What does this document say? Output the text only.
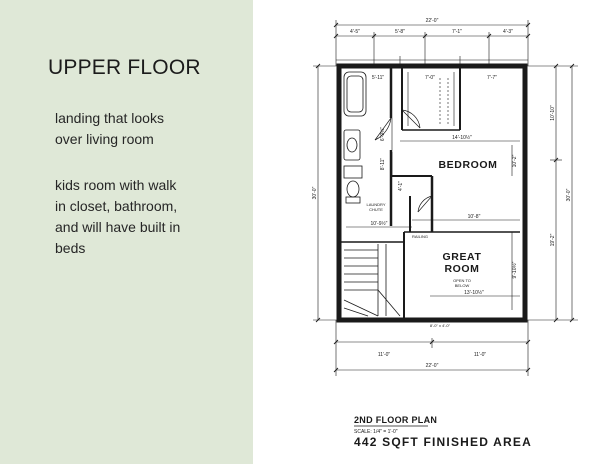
UPPER FLOOR

landing that looks
over living room

kids room with walk
in closet, bathroom,
and will have built in
beds

22'-0"
4'-5"	5'-8"	7'-1"	4'-3"
5'-11"	7'-0"	7'-7"
30'-0"	30'-0"
10'-10"
19'-2"
11'-0"	11'-0"
22'-0"
14'-10½"
10'-2"
6'-9½"
8'-11"
4'-1"
10'-9½"
10'-8"
13'-10½"
9'-10½"
BEDROOM
GREAT
ROOM
OPEN TO
BELOW
LAUNDRY
CHUTE
RAILING
8'-0" x 4'-0"
2ND FLOOR PLAN
SCALE: 1/4" = 1'-0"
442 SQFT FINISHED AREA
